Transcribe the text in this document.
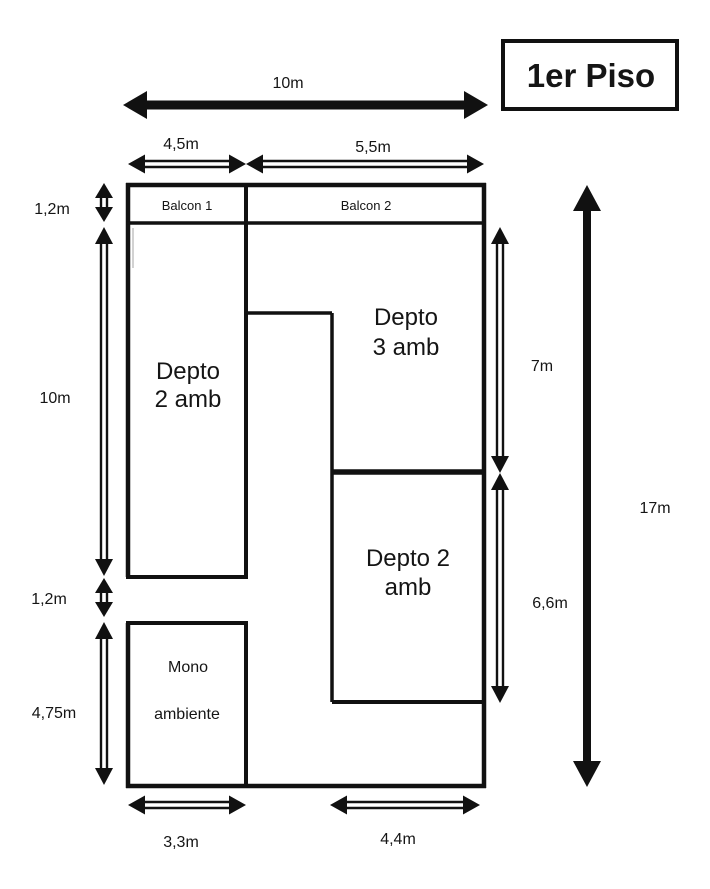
10m
4,5m	5,5m
1,2m
10m
1,2m
4,75m
7m
6,6m
17m
3,3m	4,4m
Balcon 1	Balcon 2
Depto
2 amb
Depto
3 amb
Depto 2
amb
Mono
ambiente
1er Piso
